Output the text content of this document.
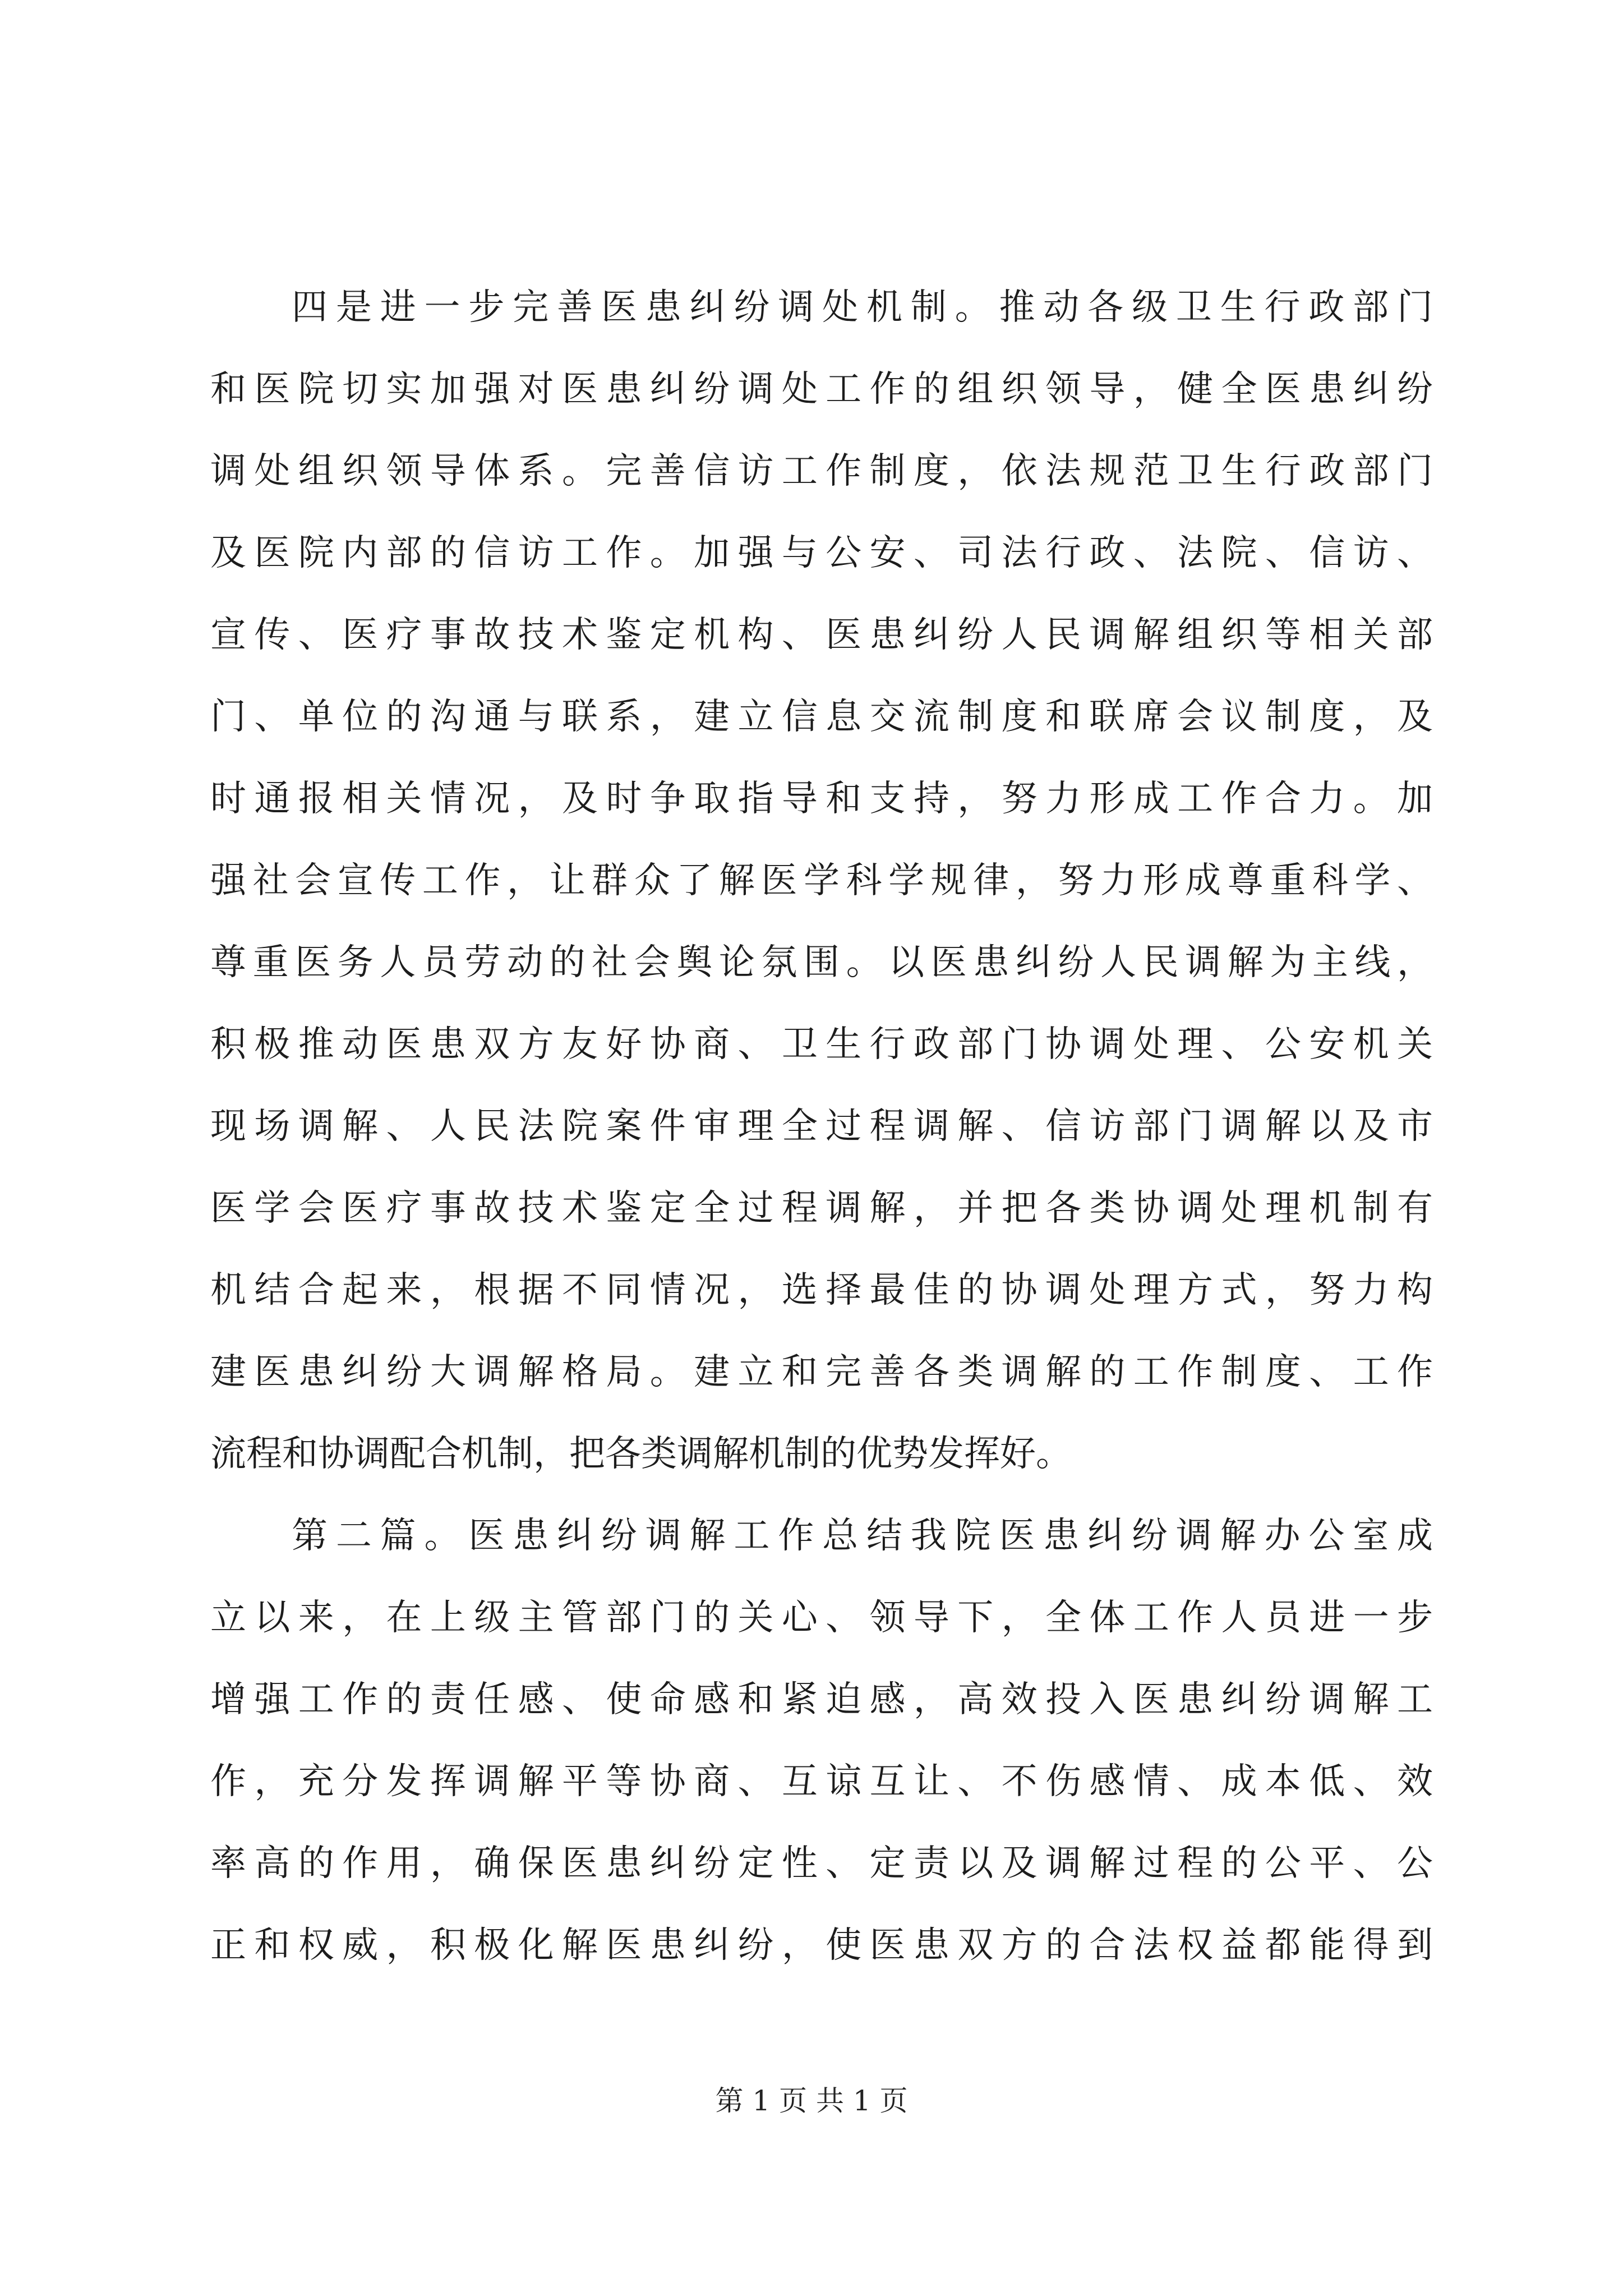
四是进一步完善医患纠纷调处机制。推动各级卫生行政部门
和医院切实加强对医患纠纷调处工作的组织领导，健全医患纠纷
调处组织领导体系。完善信访工作制度，依法规范卫生行政部门
及医院内部的信访工作。加强与公安、司法行政、法院、信访、
宣传、医疗事故技术鉴定机构、医患纠纷人民调解组织等相关部
门、单位的沟通与联系，建立信息交流制度和联席会议制度，及
时通报相关情况，及时争取指导和支持，努力形成工作合力。加
强社会宣传工作，让群众了解医学科学规律，努力形成尊重科学、
尊重医务人员劳动的社会舆论氛围。以医患纠纷人民调解为主线，
积极推动医患双方友好协商、卫生行政部门协调处理、公安机关
现场调解、人民法院案件审理全过程调解、信访部门调解以及市
医学会医疗事故技术鉴定全过程调解，并把各类协调处理机制有
机结合起来，根据不同情况，选择最佳的协调处理方式，努力构
建医患纠纷大调解格局。建立和完善各类调解的工作制度、工作
流程和协调配合机制，把各类调解机制的优势发挥好。
第二篇。医患纠纷调解工作总结我院医患纠纷调解办公室成
立以来，在上级主管部门的关心、领导下，全体工作人员进一步
增强工作的责任感、使命感和紧迫感，高效投入医患纠纷调解工
作，充分发挥调解平等协商、互谅互让、不伤感情、成本低、效
率高的作用，确保医患纠纷定性、定责以及调解过程的公平、公
正和权威，积极化解医患纠纷，使医患双方的合法权益都能得到
第 1 页 共 1 页
